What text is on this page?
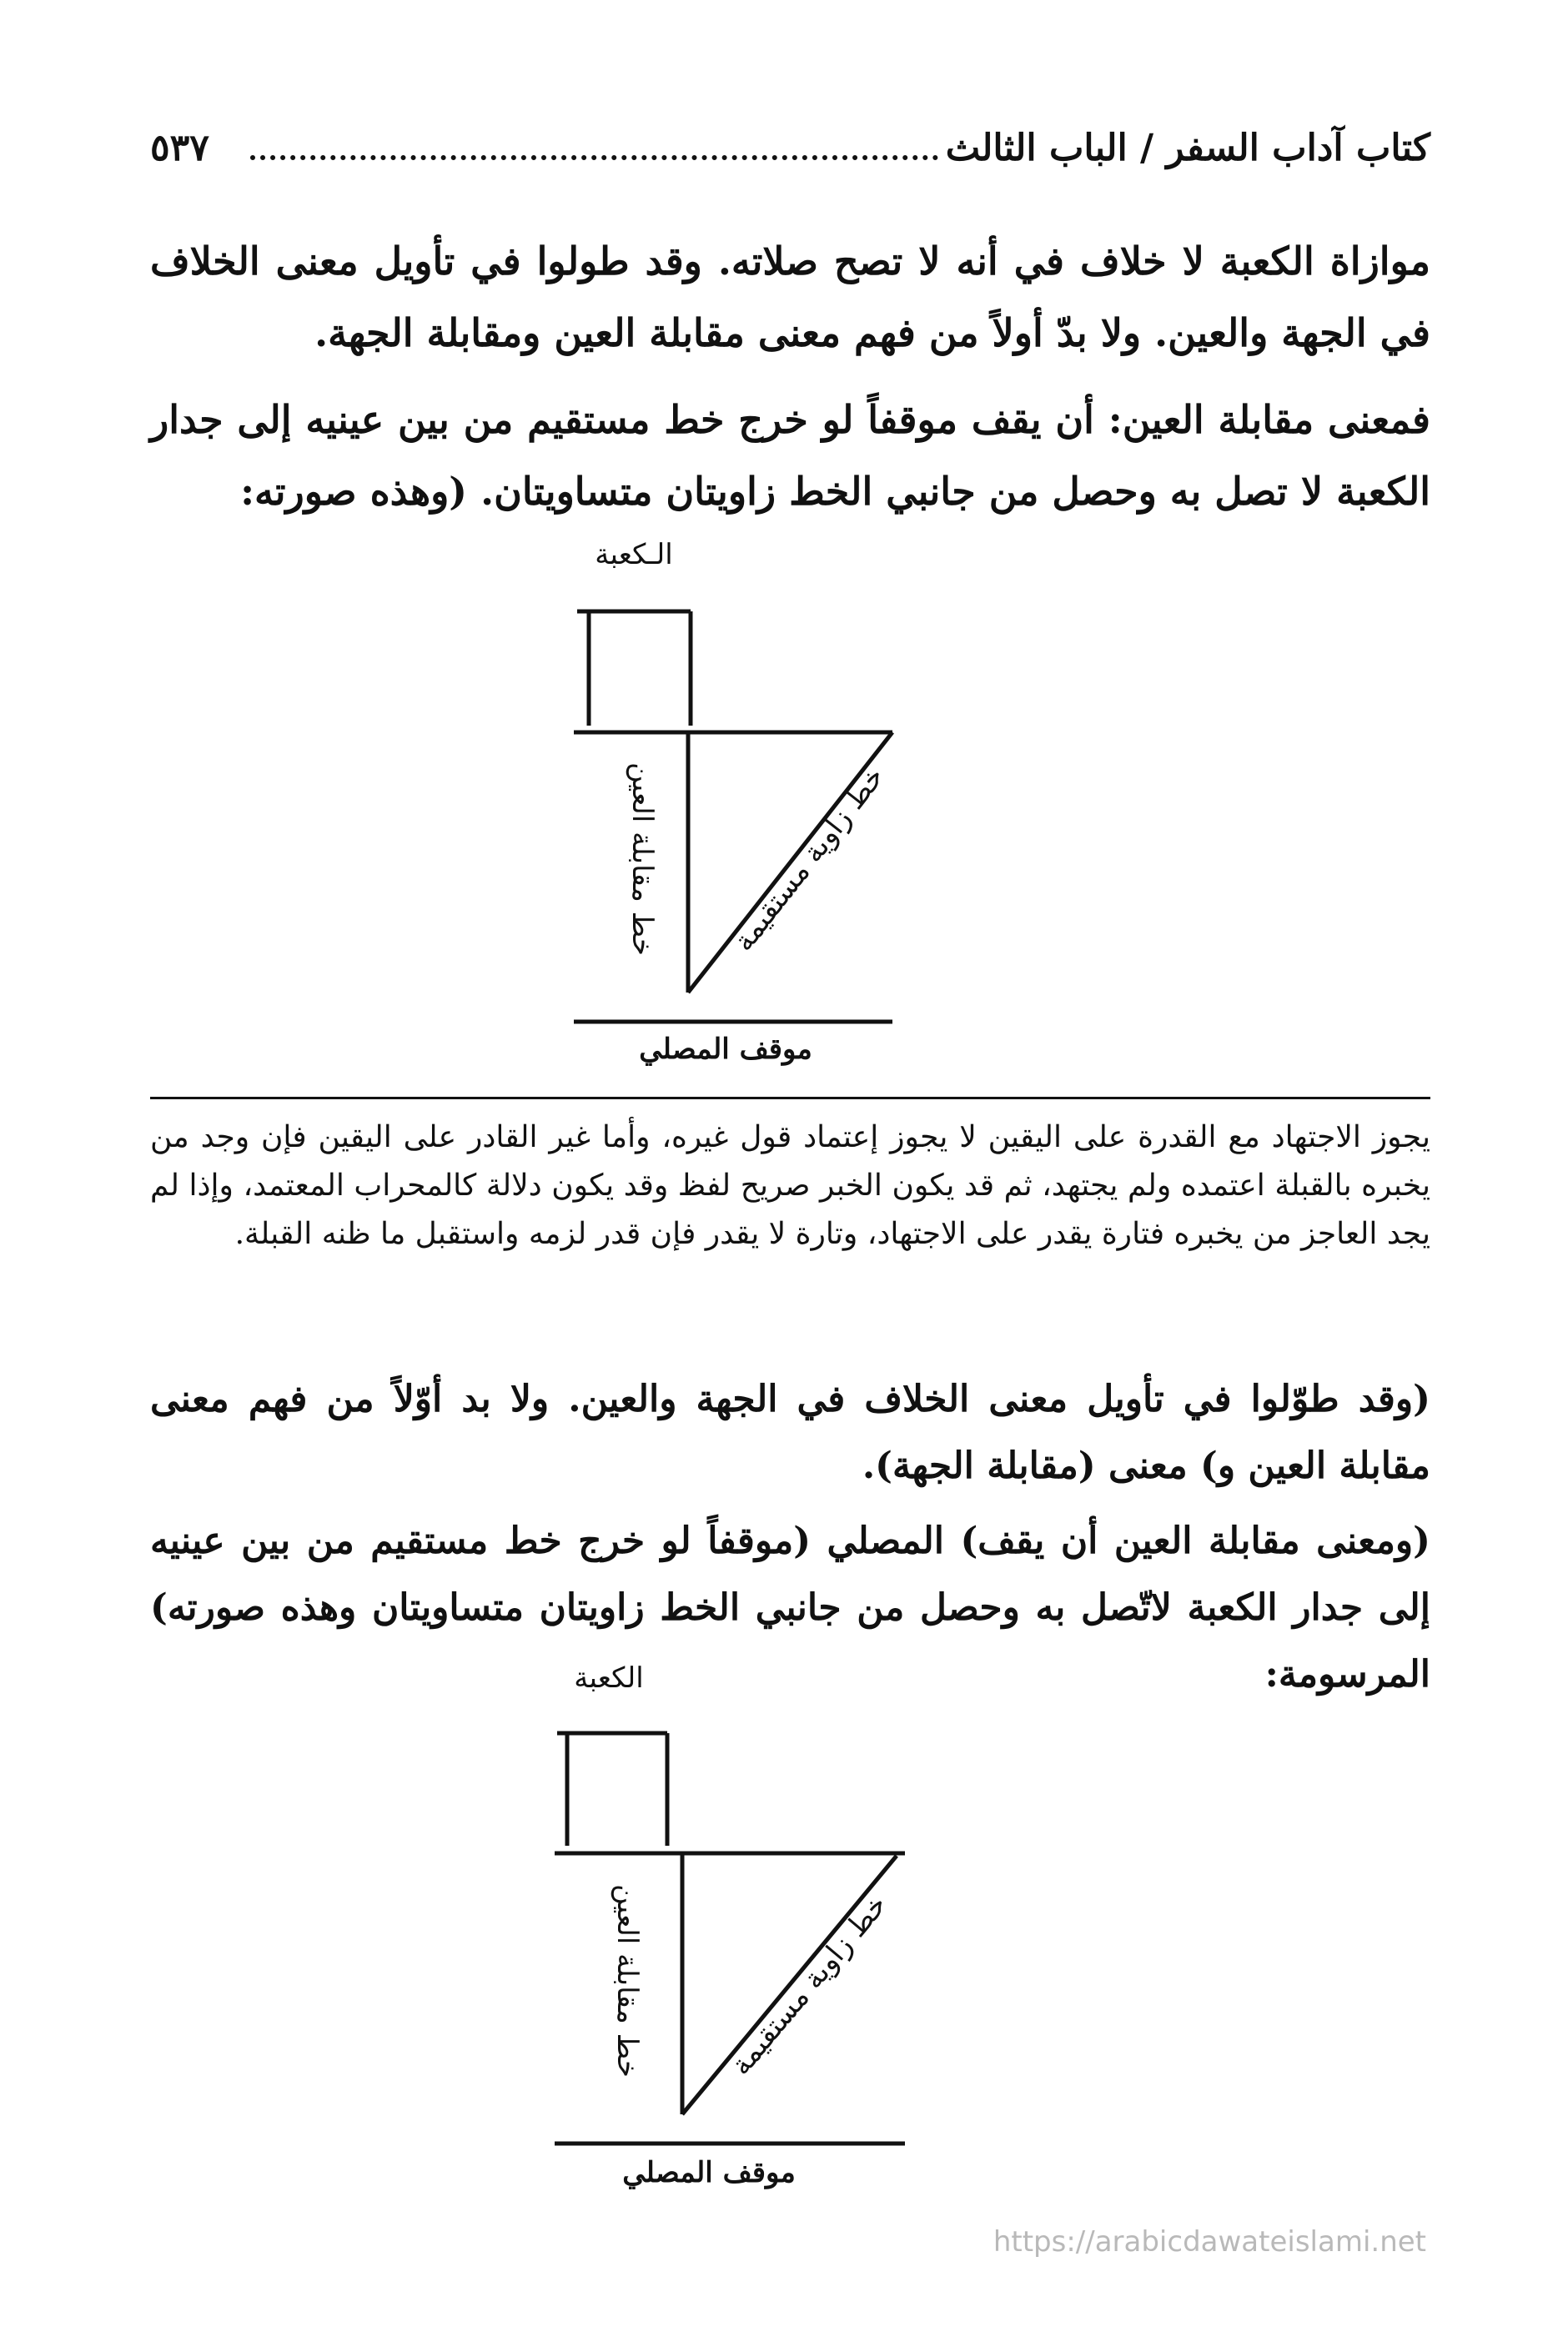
كتاب آداب السفر / الباب الثالث
٥٣٧

موازاة الكعبة لا خلاف في أنه لا تصح صلاته. وقد طولوا في تأويل معنى الخلاف في الجهة والعين. ولا بدّ أولاً من فهم معنى مقابلة العين ومقابلة الجهة.

فمعنى مقابلة العين: أن يقف موقفاً لو خرج خط مستقيم من بين عينيه إلى جدار الكعبة لا تصل به وحصل من جانبي الخط زاويتان متساويتان. (وهذه صورته:

الـكعبة
خط مقابلة العين خط زاوية مستقيمة
موقف المصلي

يجوز الاجتهاد مع القدرة على اليقين لا يجوز إعتماد قول غيره، وأما غير القادر على اليقين فإن وجد من يخبره بالقبلة اعتمده ولم يجتهد، ثم قد يكون الخبر صريح لفظ وقد يكون دلالة كالمحراب المعتمد، وإذا لم يجد العاجز من يخبره فتارة يقدر على الاجتهاد، وتارة لا يقدر فإن قدر لزمه واستقبل ما ظنه القبلة.

(وقد طوّلوا في تأويل معنى الخلاف في الجهة والعين. ولا بد أوّلاً من فهم معنى مقابلة العين و) معنى (مقابلة الجهة).

(ومعنى مقابلة العين أن يقف) المصلي (موقفاً لو خرج خط مستقيم من بين عينيه إلى جدار الكعبة لاتّصل به وحصل من جانبي الخط زاويتان متساويتان وهذه صورته) المرسومة:

الكعبة
خط مقابلة العين	خط زاوية مستقيمة
موقف المصلي
https://arabicdawateislami.net
